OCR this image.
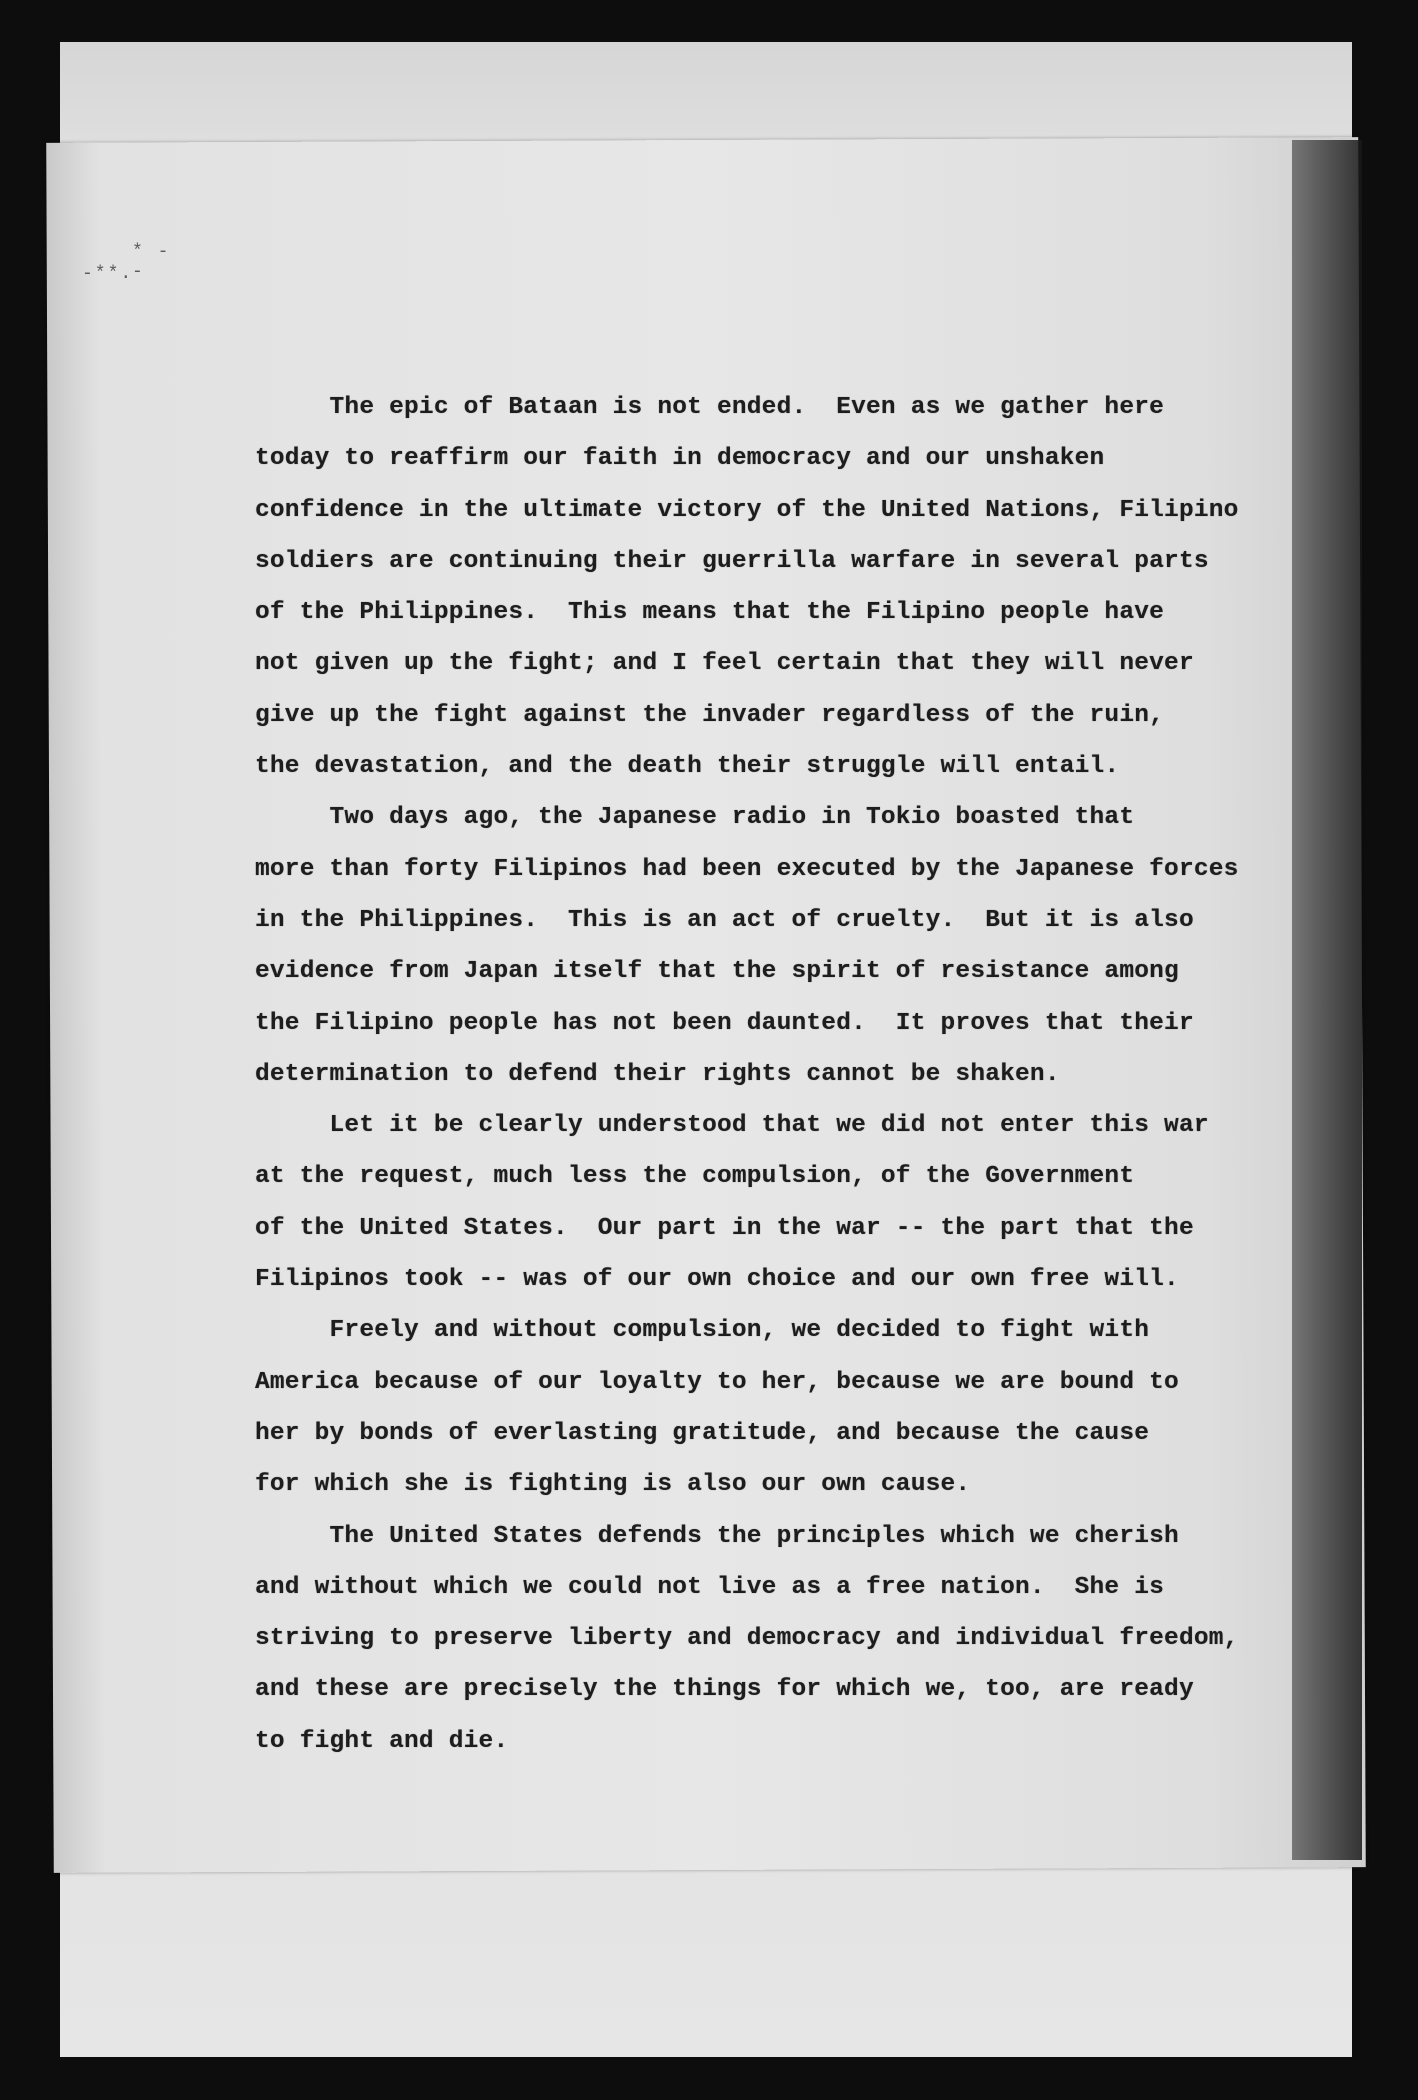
* --
-**.

The epic of Bataan is not ended.  Even as we gather here

today to reaffirm our faith in democracy and our unshaken

confidence in the ultimate victory of the United Nations, Filipino

soldiers are continuing their guerrilla warfare in several parts

of the Philippines.  This means that the Filipino people have

not given up the fight; and I feel certain that they will never

give up the fight against the invader regardless of the ruin,

the devastation, and the death their struggle will entail.

Two days ago, the Japanese radio in Tokio boasted that

more than forty Filipinos had been executed by the Japanese forces

in the Philippines.  This is an act of cruelty.  But it is also

evidence from Japan itself that the spirit of resistance among

the Filipino people has not been daunted.  It proves that their

determination to defend their rights cannot be shaken.

Let it be clearly understood that we did not enter this war

at the request, much less the compulsion, of the Government

of the United States.  Our part in the war -- the part that the

Filipinos took -- was of our own choice and our own free will.

Freely and without compulsion, we decided to fight with

America because of our loyalty to her, because we are bound to

her by bonds of everlasting gratitude, and because the cause

for which she is fighting is also our own cause.

The United States defends the principles which we cherish

and without which we could not live as a free nation.  She is

striving to preserve liberty and democracy and individual freedom,

and these are precisely the things for which we, too, are ready

to fight and die.
